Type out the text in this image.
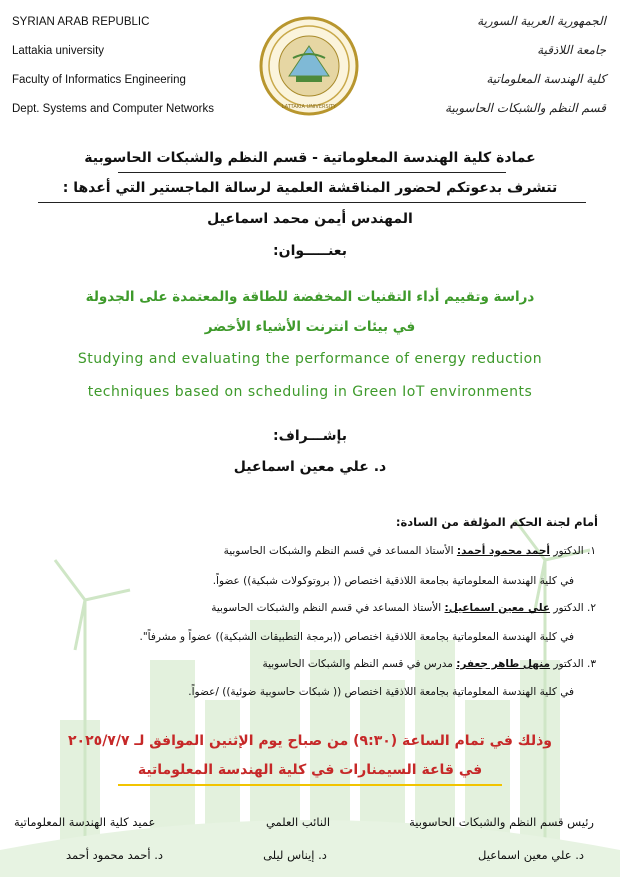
SYRIAN ARAB REPUBLIC
Lattakia university
Faculty of Informatics Engineering
Dept. Systems and Computer Networks
الجمهورية العربية السورية
جامعة اللاذقية
كلية الهندسة المعلوماتية
قسم النظم والشبكات الحاسوبية
LATTAKIA UNIVERSITY
عمادة كلية الهندسة المعلوماتية - قسم النظم والشبكات الحاسوبية
تتشرف بدعوتكم لحضور المناقشة العلمية لرسالة الماجستير التي أعدها :
المهندس أيمن محمد اسماعيل
بعنـــــوان:
دراسة وتقييم أداء التقنيات المخفضة للطاقة والمعتمدة على الجدولة
في بيئات انترنت الأشياء الأخضر
Studying and evaluating the performance of energy reduction
techniques based on scheduling in Green IoT environments
بإشـــراف:
د. علي معين اسماعيل
أمام لجنة الحكم المؤلفة من السادة:
١. الدكتور أحمد محمود أحمد: الأستاذ المساعد في قسم النظم والشبكات الحاسوبية
في كلية الهندسة المعلوماتية بجامعة اللاذقية اختصاص (( بروتوكولات شبكية)) عضواً.
٢. الدكتور علي معين اسماعيل: الأستاذ المساعد في قسم النظم والشبكات الحاسوبية
في كلية الهندسة المعلوماتية بجامعة اللاذقية اختصاص ((برمجة التطبيقات الشبكية)) عضواً و مشرفاً".
٣. الدكتور منهل طاهر جعفر: مدرس في قسم النظم والشبكات الحاسوبية
في كلية الهندسة المعلوماتية بجامعة اللاذقية اختصاص (( شبكات حاسوبية ضوئية)) /عضواً.
وذلك في تمام الساعة (٩:٣٠) من صباح يوم الإثنين الموافق لـ ٢٠٢٥/٧/٧
في قاعة السيمنارات في كلية الهندسة المعلوماتية
رئيس قسم النظم والشبكات الحاسوبية
د. علي معين اسماعيل
النائب العلمي
د. إيناس ليلى
عميد كلية الهندسة المعلوماتية
د. أحمد محمود أحمد
